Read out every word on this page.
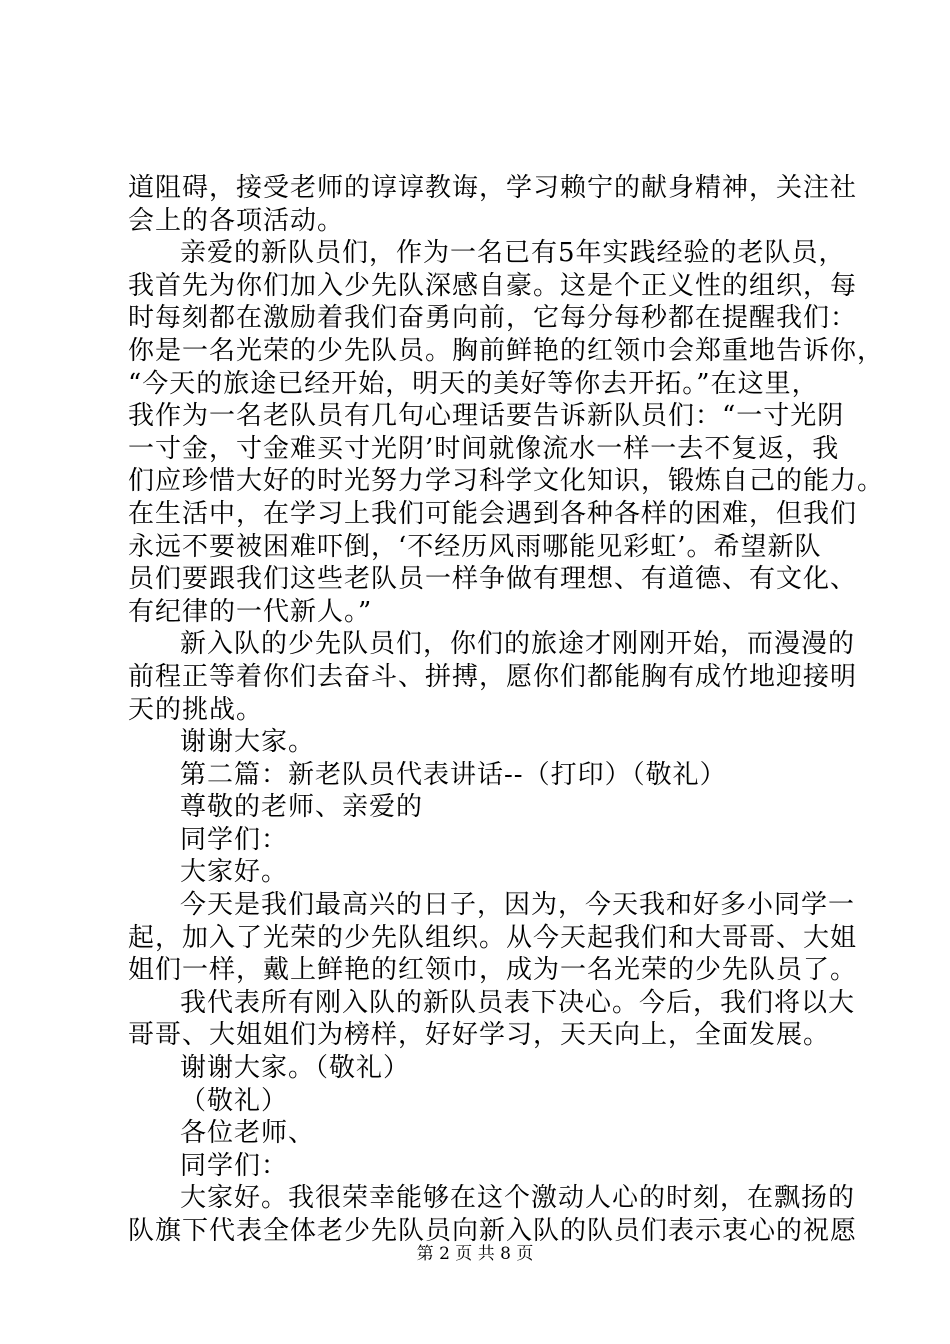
道阻碍，接受老师的谆谆教诲，学习赖宁的献身精神，关注社
会上的各项活动。
亲爱的新队员们，作为一名已有5年实践经验的老队员，
我首先为你们加入少先队深感自豪。这是个正义性的组织，每
时每刻都在激励着我们奋勇向前，它每分每秒都在提醒我们：
你是一名光荣的少先队员。胸前鲜艳的红领巾会郑重地告诉你，
“今天的旅途已经开始，明天的美好等你去开拓。”在这里，
我作为一名老队员有几句心理话要告诉新队员们：“一寸光阴
一寸金，寸金难买寸光阴’时间就像流水一样一去不复返，我
们应珍惜大好的时光努力学习科学文化知识，锻炼自己的能力。
在生活中，在学习上我们可能会遇到各种各样的困难，但我们
永远不要被困难吓倒，‘不经历风雨哪能见彩虹’。希望新队
员们要跟我们这些老队员一样争做有理想、有道德、有文化、
有纪律的一代新人。”
新入队的少先队员们，你们的旅途才刚刚开始，而漫漫的
前程正等着你们去奋斗、拼搏，愿你们都能胸有成竹地迎接明
天的挑战。
谢谢大家。
第二篇：新老队员代表讲话--（打印）（敬礼）
尊敬的老师、亲爱的
同学们：
大家好。
今天是我们最高兴的日子，因为，今天我和好多小同学一
起，加入了光荣的少先队组织。从今天起我们和大哥哥、大姐
姐们一样，戴上鲜艳的红领巾，成为一名光荣的少先队员了。
我代表所有刚入队的新队员表下决心。今后，我们将以大
哥哥、大姐姐们为榜样，好好学习，天天向上，全面发展。
谢谢大家。（敬礼）
（敬礼）
各位老师、
同学们：
大家好。我很荣幸能够在这个激动人心的时刻，在飘扬的
队旗下代表全体老少先队员向新入队的队员们表示衷心的祝愿
第 2 页 共 8 页
